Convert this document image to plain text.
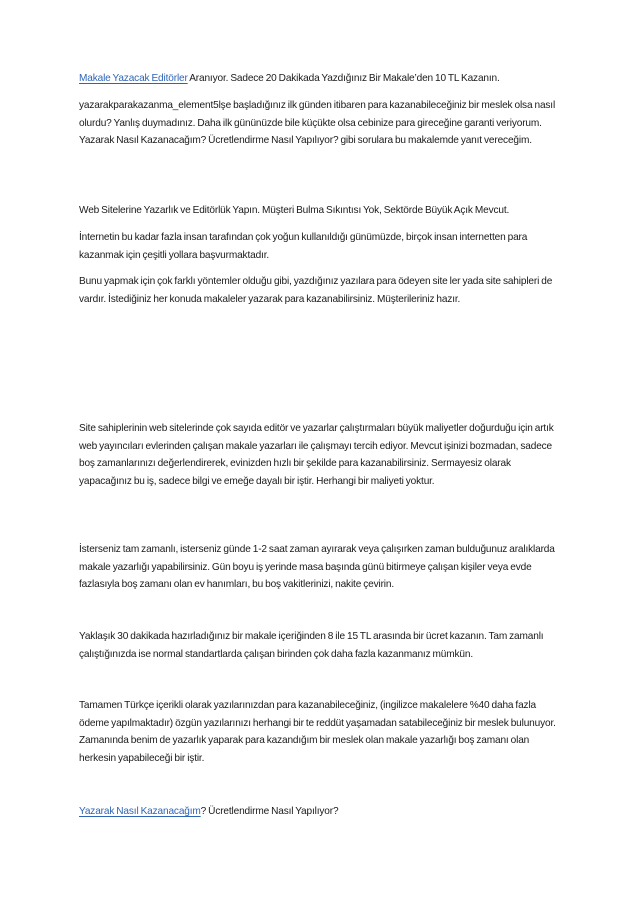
Makale Yazacak Editörler Aranıyor. Sadece 20 Dakikada Yazdığınız Bir Makale’den 10 TL Kazanın.

yazarakparakazanma_element5lşe başladığınız ilk günden itibaren para kazanabileceğiniz bir meslek olsa nasıl olurdu? Yanlış duymadınız. Daha ilk gününüzde bile küçükte olsa cebinize para gireceğine garanti veriyorum. Yazarak Nasıl Kazanacağım? Ücretlendirme Nasıl Yapılıyor? gibi sorulara bu makalemde yanıt vereceğim.

Web Sitelerine Yazarlık ve Editörlük Yapın. Müşteri Bulma Sıkıntısı Yok, Sektörde Büyük Açık Mevcut.

İnternetin bu kadar fazla insan tarafından çok yoğun kullanıldığı günümüzde, birçok insan internetten para kazanmak için çeşitli yollara başvurmaktadır.

Bunu yapmak için çok farklı yöntemler olduğu gibi, yazdığınız yazılara para ödeyen site ler yada site sahipleri de vardır. İstediğiniz her konuda makaleler yazarak para kazanabilirsiniz. Müşterileriniz hazır.

Site sahiplerinin web sitelerinde çok sayıda editör ve yazarlar çalıştırmaları büyük maliyetler doğurduğu için artık web yayıncıları evlerinden çalışan makale yazarları ile çalışmayı tercih ediyor. Mevcut işinizi bozmadan, sadece boş zamanlarınızı değerlendirerek, evinizden hızlı bir şekilde para kazanabilirsiniz. Sermayesiz olarak yapacağınız bu iş, sadece bilgi ve emeğe dayalı bir iştir. Herhangi bir maliyeti yoktur.

İsterseniz tam zamanlı, isterseniz günde 1-2 saat zaman ayırarak veya çalışırken zaman bulduğunuz aralıklarda makale yazarlığı yapabilirsiniz. Gün boyu iş yerinde masa başında günü bitirmeye çalışan kişiler veya evde fazlasıyla boş zamanı olan ev hanımları, bu boş vakitlerinizi, nakite çevirin.

Yaklaşık 30 dakikada hazırladığınız bir makale içeriğinden 8 ile 15 TL arasında bir ücret kazanın. Tam zamanlı çalıştığınızda ise normal standartlarda çalışan birinden çok daha fazla kazanmanız mümkün.

Tamamen Türkçe içerikli olarak yazılarınızdan para kazanabileceğiniz, (ingilizce makalelere %40 daha fazla ödeme yapılmaktadır) özgün yazılarınızı herhangi bir te reddüt yaşamadan satabileceğiniz bir meslek bulunuyor. Zamanında benim de yazarlık yaparak para kazandığım bir meslek olan makale yazarlığı boş zamanı olan herkesin yapabileceği bir iştir.

Yazarak Nasıl Kazanacağım? Ücretlendirme Nasıl Yapılıyor?
